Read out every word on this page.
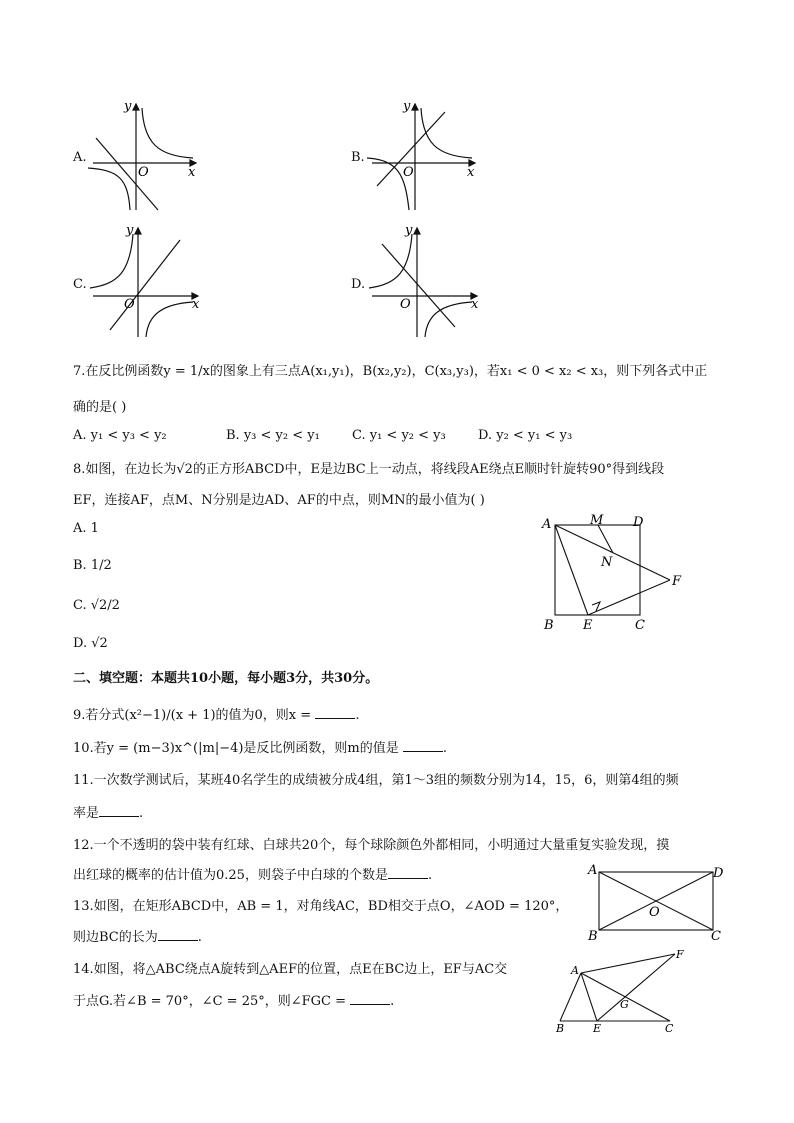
A.
y
x
O
B.
y
x
O
C.
y
x
O
D.
y
x
O
7.在反比例函数y = 1/x的图象上有三点A(x₁,y₁)，B(x₂,y₂)，C(x₃,y₃)，若x₁ < 0 < x₂ < x₃，则下列各式中正
确的是( )
A. y₁ < y₃ < y₂	B. y₃ < y₂ < y₁ C. y₁ < y₂ < y₃ D. y₂ < y₁ < y₃
8.如图，在边长为√2的正方形ABCD中，E是边BC上一动点，将线段AE绕点E顺时针旋转90°得到线段
EF，连接AF，点M、N分别是边AD、AF的中点，则MN的最小值为( )
A. 1
B. 1/2
C. √2/2
D. √2
A	M D
N
F
B E	C
二、填空题：本题共10小题，每小题3分，共30分。
9.若分式(x²−1)/(x + 1)的值为0，则x =	.
10.若y = (m−3)x^(|m|−4)是反比例函数，则m的值是	.
11.一次数学测试后，某班40名学生的成绩被分成4组，第1～3组的频数分别为14，15，6，则第4组的频
率是	.
12.一个不透明的袋中装有红球、白球共20个，每个球除颜色外都相同，小明通过大量重复实验发现，摸
出红球的概率的估计值为0.25，则袋子中白球的个数是	.
13.如图，在矩形ABCD中，AB = 1，对角线AC，BD相交于点O，∠AOD = 120°，
则边BC的长为	.
A	D
O
B	C
14.如图，将△ABC绕点A旋转到△AEF的位置，点E在BC边上，EF与AC交
于点G.若∠B = 70°，∠C = 25°，则∠FGC =	.
A
F
G
B	E	C
